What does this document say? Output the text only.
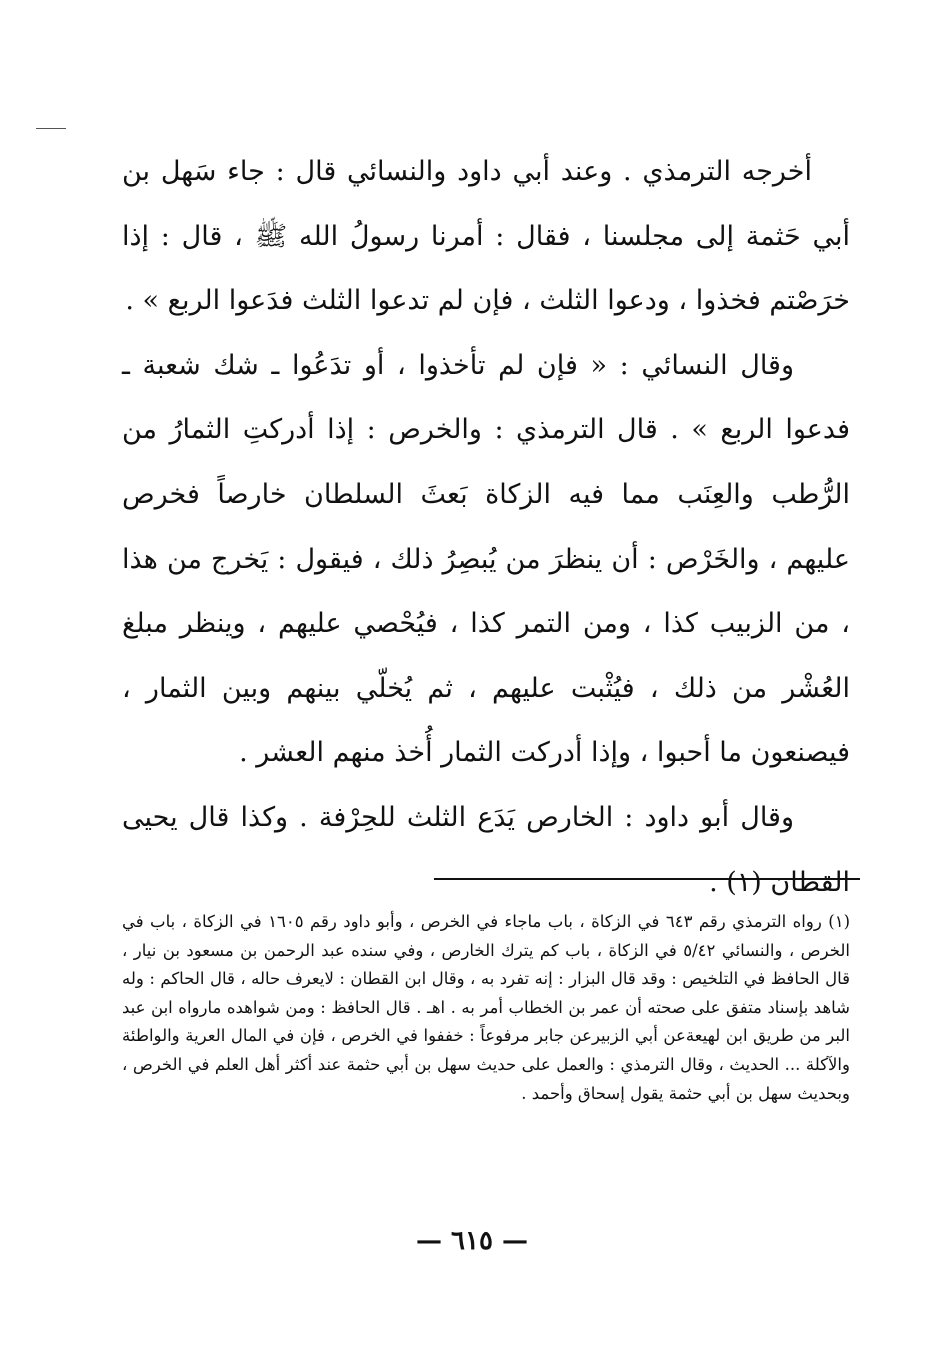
أخرجه الترمذي . وعند أبي داود والنسائي قال : جاء سَهل بن أبي حَثمة إلى مجلسنا ، فقال : أمرنا رسولُ الله ﷺ ، قال : إذا خرَصْتم فخذوا ، ودعوا الثلث ، فإن لم تدعوا الثلث فدَعوا الربع » .

وقال النسائي : « فإن لم تأخذوا ، أو تدَعُوا ـ شك شعبة ـ فدعوا الربع » . قال الترمذي : والخرص : إذا أدركتِ الثمارُ من الرُّطب والعِنَب مما فيه الزكاة بَعثَ السلطان خارصاً فخرص عليهم ، والخَرْص : أن ينظرَ من يُبصِرُ ذلك ، فيقول : يَخرج من هذا ، من الزبيب كذا ، ومن التمر كذا ، فيُحْصي عليهم ، وينظر مبلغ العُشْر من ذلك ، فيُثْبت عليهم ، ثم يُخلّي بينهم وبين الثمار ، فيصنعون ما أحبوا ، وإذا أدركت الثمار أُخذ منهم العشر .

وقال أبو داود : الخارص يَدَع الثلث للحِرْفة . وكذا قال يحيى القطان (١) .

(١) رواه الترمذي رقم ٦٤٣ في الزكاة ، باب ماجاء في الخرص ، وأبو داود رقم ١٦٠٥ في الزكاة ، باب في الخرص ، والنسائي ٥/٤٢ في الزكاة ، باب كم يترك الخارص ، وفي سنده عبد الرحمن بن مسعود بن نيار ، قال الحافظ في التلخيص : وقد قال البزار : إنه تفرد به ، وقال ابن القطان : لايعرف حاله ، قال الحاكم : وله شاهد بإسناد متفق على صحته أن عمر بن الخطاب أمر به . اهـ . قال الحافظ : ومن شواهده مارواه ابن عبد البر من طريق ابن لهيعةعن أبي الزبيرعن جابر مرفوعاً : خففوا في الخرص ، فإن في المال العرية والواطئة والآكلة ... الحديث ، وقال الترمذي : والعمل على حديث سهل بن أبي حثمة عند أكثر أهل العلم في الخرص ، وبحديث سهل بن أبي حثمة يقول إسحاق وأحمد .

— ٦١٥ —
